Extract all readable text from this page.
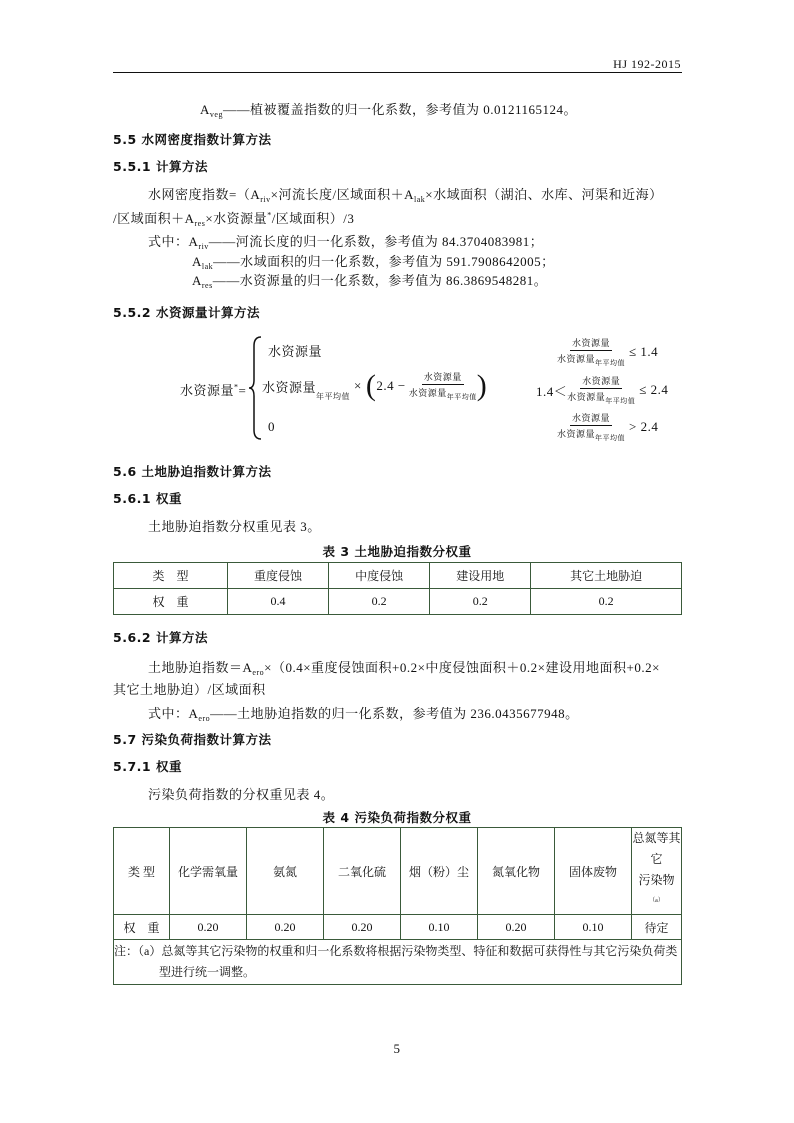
HJ 192-2015
$A_{veg}——$植被覆盖指数的归一化系数，参考值为 0.0121165124。
5.5 水网密度指数计算方法
5.5.1 计算方法
水网密度指数$=(A_{riv}\times$河流长度/区域面积$+A_{lak}\times$水域面积（湖泊、水库、河渠和近海）
/区域面积$+A_{res}\times$水资源量*/区域面积）/3
式中：$A_{riv}——$河流长度的归一化系数，参考值为 84.3704083981；
$A_{lak}——$水域面积的归一化系数，参考值为 591.7908642005；
$A_{res}——$水资源量的归一化系数，参考值为 86.3869548281。
5.5.2 水资源量计算方法
水资源量*=
水资源量
水资源量
$_{年平均值}$
× ( $2.4 - \frac{\text{水资源量}}{水资源量_{年平均值}}$ )
0
$\frac{\text{水资源量}}{水资源量_{年平均值}} \le 1.4$
$1.4< \frac{\text{水资源量}}{水资源量_{年平均值}} \le 2.4$
$\frac{\text{水资源量}}{水资源量_{年平均值}} > 2.4$
5.6 土地胁迫指数计算方法
5.6.1 权重
土地胁迫指数分权重见表 3。
表 3 土地胁迫指数分权重
类　型	重度侵蚀	中度侵蚀	建设用地	其它土地胁迫
权　重	0.4	0.2	0.2	0.2
5.6.2 计算方法
土地胁迫指数$=A_{ero}\times(0.4\times$重度侵蚀面积+0.2×中度侵蚀面积＋0.2×建设用地面积+0.2×
其它土地胁迫）/区域面积
式中：$A_{ero}——$土地胁迫指数的归一化系数，参考值为 236.0435677948。
5.7 污染负荷指数计算方法
5.7.1 权重
污染负荷指数的分权重见表 4。
表 4 污染负荷指数分权重
类 型	化学需氧量	氨氮	二氧化硫	烟（粉）尘	氮氧化物	固体废物	总氮等其它
污染物$^{(a)}$
权　重	0.20	0.20	0.20	0.10	0.20	0.10	待定

注：（a）总氮等其它污染物的权重和归一化系数将根据污染物类型、特征和数据可获得性与其它污染负荷类
型进行统一调整。							
5
